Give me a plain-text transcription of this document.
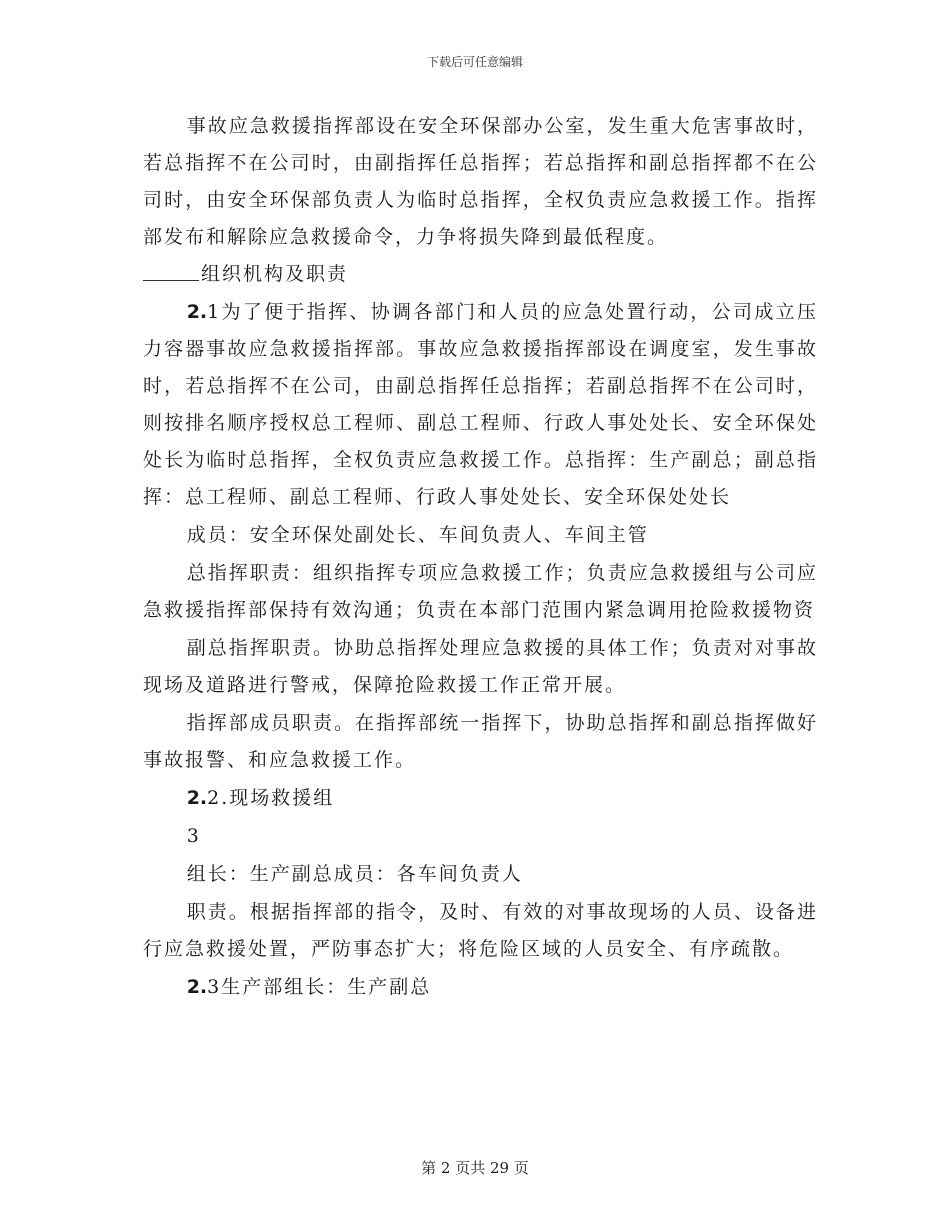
下载后可任意编辑

事故应急救援指挥部设在安全环保部办公室，发生重大危害事故时，若总指挥不在公司时，由副指挥任总指挥；若总指挥和副总指挥都不在公司时，由安全环保部负责人为临时总指挥，全权负责应急救援工作。指挥部发布和解除应急救援命令，力争将损失降到最低程度。

组织机构及职责

2.1为了便于指挥、协调各部门和人员的应急处置行动，公司成立压力容器事故应急救援指挥部。事故应急救援指挥部设在调度室，发生事故时，若总指挥不在公司，由副总指挥任总指挥；若副总指挥不在公司时，则按排名顺序授权总工程师、副总工程师、行政人事处处长、安全环保处处长为临时总指挥，全权负责应急救援工作。总指挥：生产副总；副总指挥：总工程师、副总工程师、行政人事处处长、安全环保处处长

成员：安全环保处副处长、车间负责人、车间主管

总指挥职责：组织指挥专项应急救援工作；负责应急救援组与公司应急救援指挥部保持有效沟通；负责在本部门范围内紧急调用抢险救援物资

副总指挥职责。协助总指挥处理应急救援的具体工作；负责对对事故现场及道路进行警戒，保障抢险救援工作正常开展。

指挥部成员职责。在指挥部统一指挥下，协助总指挥和副总指挥做好事故报警、和应急救援工作。

2.2.现场救援组

3

组长：生产副总成员：各车间负责人

职责。根据指挥部的指令，及时、有效的对事故现场的人员、设备进行应急救援处置，严防事态扩大；将危险区域的人员安全、有序疏散。

2.3生产部组长：生产副总

第 2 页共 29 页
